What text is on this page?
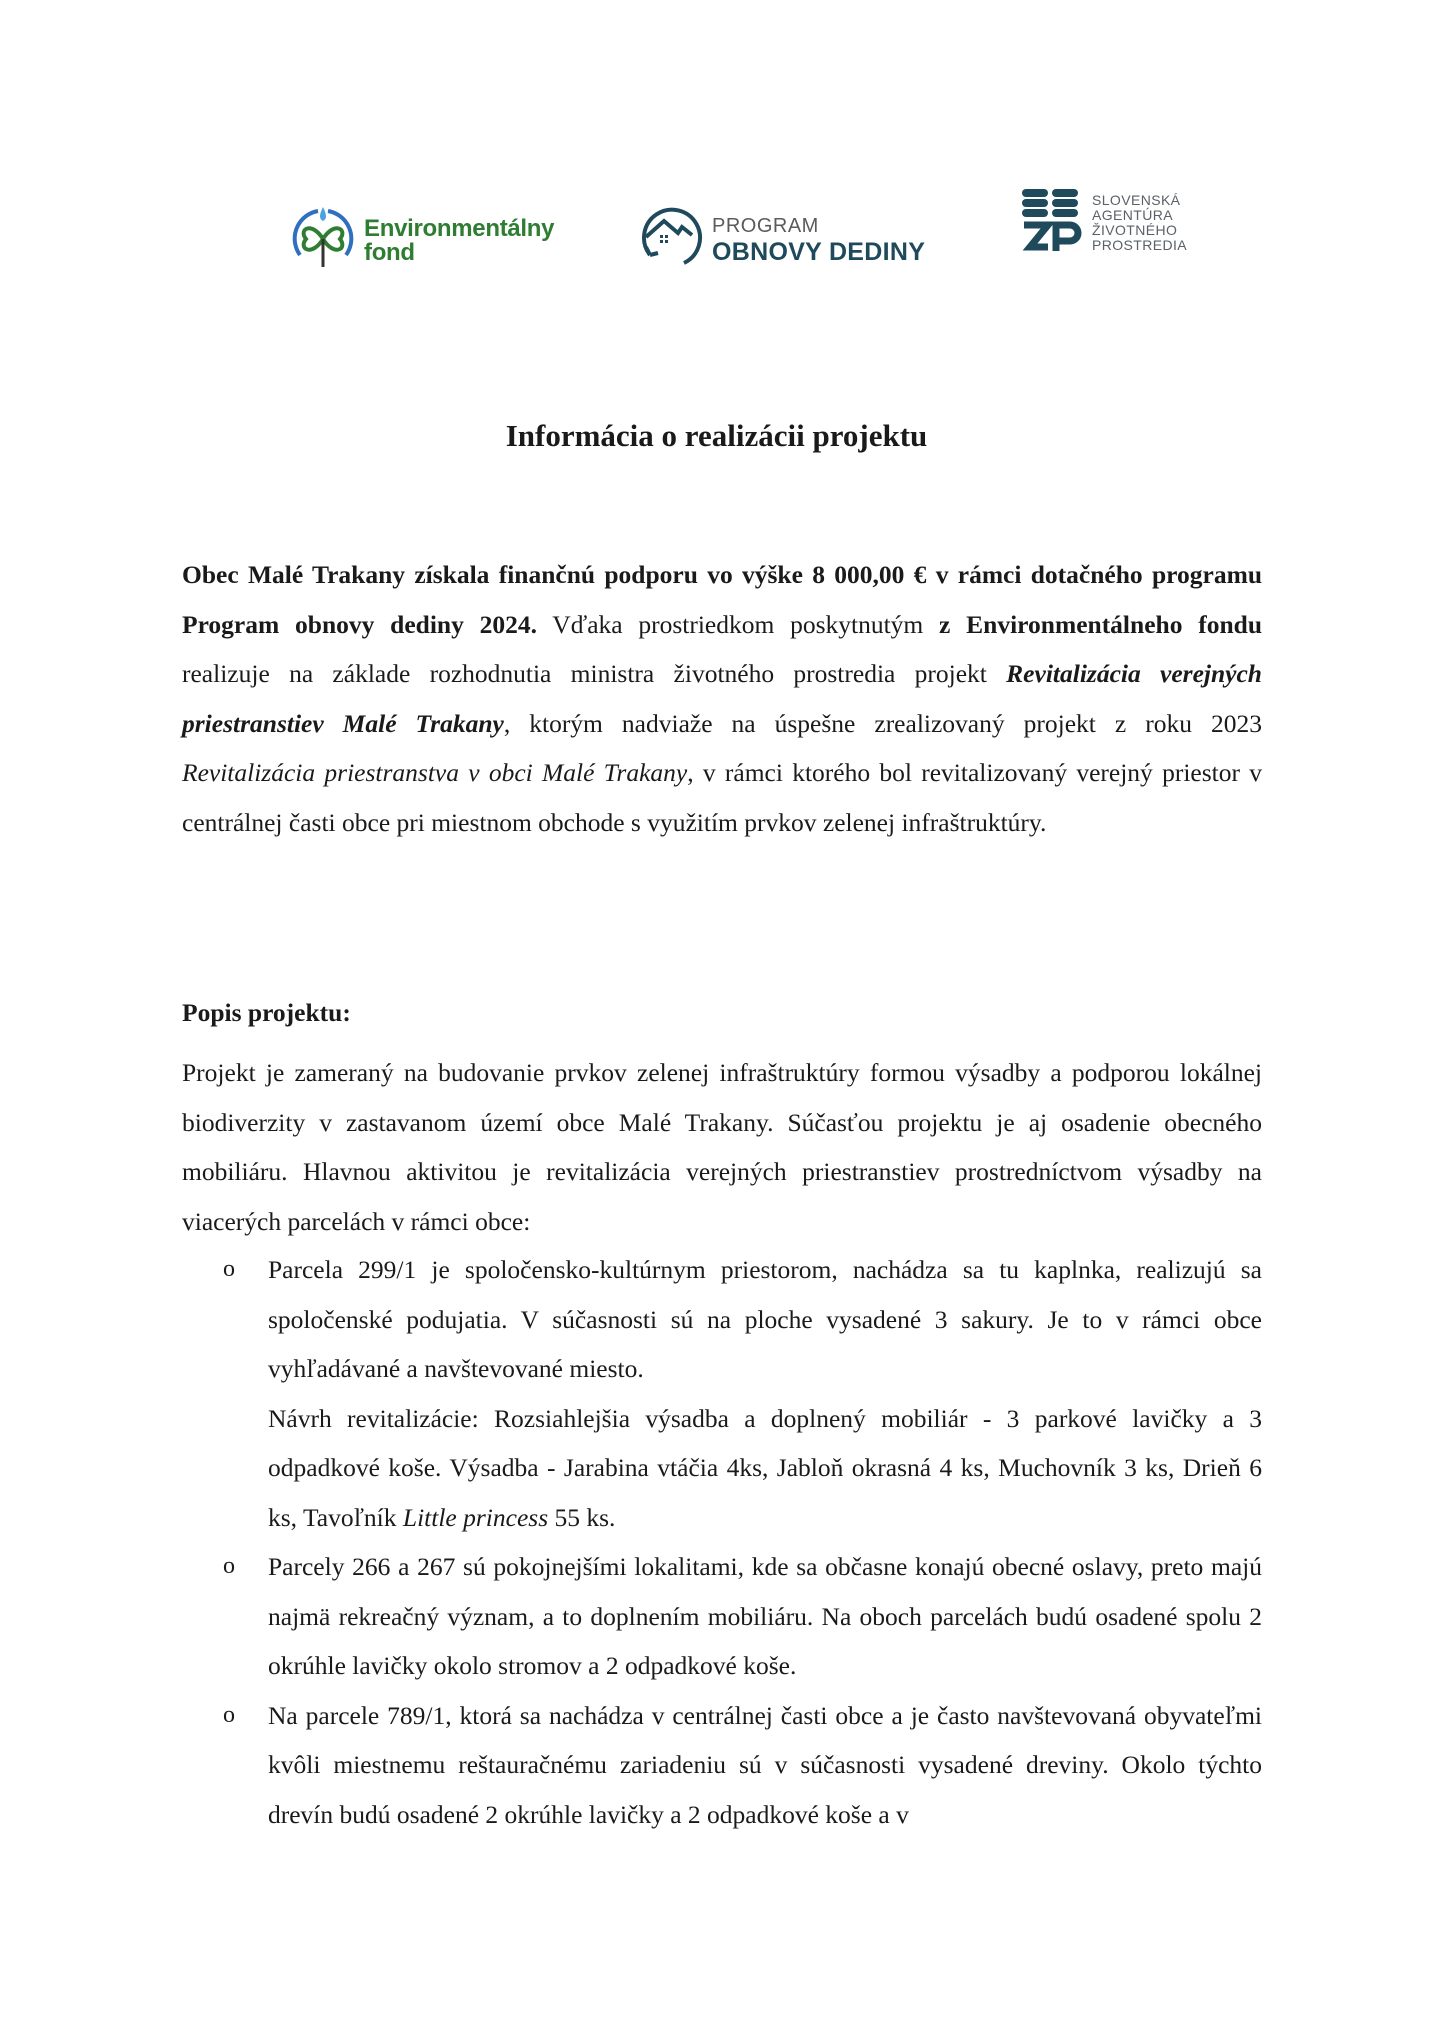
Environmentálny
fond
PROGRAM
OBNOVY DEDINY
SLOVENSKÁ
AGENTÚRA
ŽIVOTNÉHO
PROSTREDIA
Informácia o realizácii projektu
Obec Malé Trakany získala finančnú podporu vo výške 8 000,00 € v rámci dotačného programu Program obnovy dediny 2024. Vďaka prostriedkom poskytnutým z Environmentálneho fondu realizuje na základe rozhodnutia ministra životného prostredia projekt Revitalizácia verejných priestranstiev Malé Trakany, ktorým nadviaže na úspešne zrealizovaný projekt z roku 2023 Revitalizácia priestranstva v obci Malé Trakany, v rámci ktorého bol revitalizovaný verejný priestor v centrálnej časti obce pri miestnom obchode s využitím prvkov zelenej infraštruktúry.
Popis projektu:
Projekt je zameraný na budovanie prvkov zelenej infraštruktúry formou výsadby a podporou lokálnej biodiverzity v zastavanom území obce Malé Trakany. Súčasťou projektu je aj osadenie obecného mobiliáru. Hlavnou aktivitou je revitalizácia verejných priestranstiev prostredníctvom výsadby na viacerých parcelách v rámci obce:
o Parcela 299/1 je spoločensko-kultúrnym priestorom, nachádza sa tu kaplnka, realizujú sa spoločenské podujatia. V súčasnosti sú na ploche vysadené 3 sakury. Je to v rámci obce vyhľadávané a navštevované miesto.
Návrh revitalizácie: Rozsiahlejšia výsadba a doplnený mobiliár - 3 parkové lavičky a 3 odpadkové koše. Výsadba - Jarabina vtáčia 4ks, Jabloň okrasná 4 ks, Muchovník 3 ks, Drieň 6 ks, Tavoľník Little princess 55 ks.
o Parcely 266 a 267 sú pokojnejšími lokalitami, kde sa občasne konajú obecné oslavy, preto majú najmä rekreačný význam, a to doplnením mobiliáru. Na oboch parcelách budú osadené spolu 2 okrúhle lavičky okolo stromov a 2 odpadkové koše.
o Na parcele 789/1, ktorá sa nachádza v centrálnej časti obce a je často navštevovaná obyvateľmi kvôli miestnemu reštauračnému zariadeniu sú v súčasnosti vysadené dreviny. Okolo týchto drevín budú osadené 2 okrúhle lavičky a 2 odpadkové koše a v
